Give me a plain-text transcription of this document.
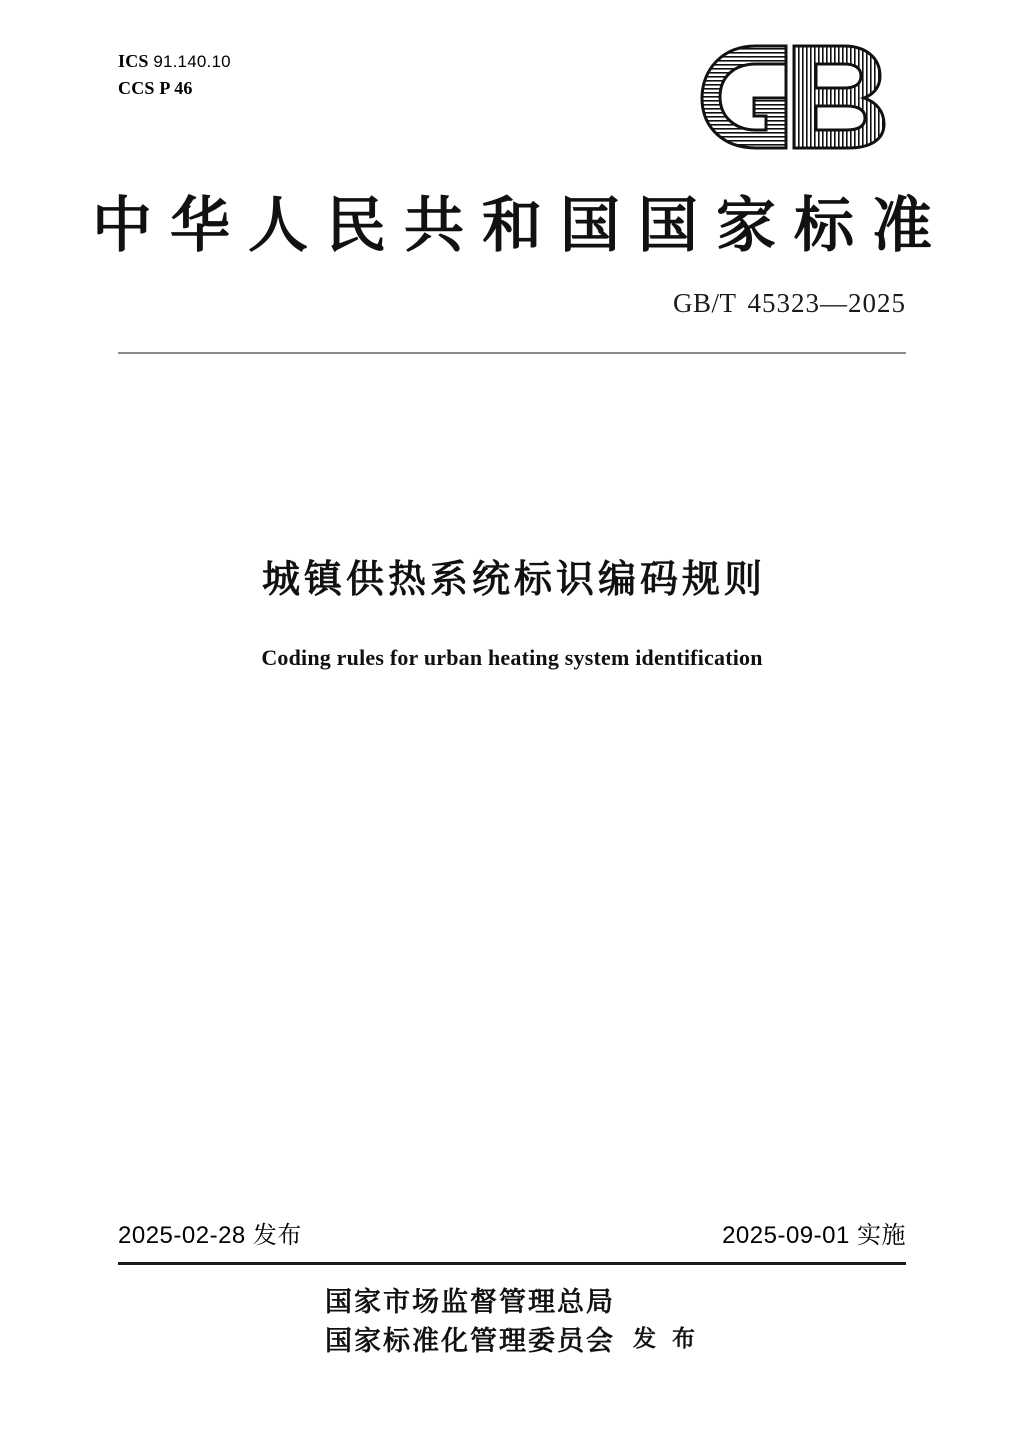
ICS 91.140.10
CCS P 46
中华人民共和国国家标准
GB/T 45323—2025
城镇供热系统标识编码规则
Coding rules for urban heating system identification
2025-02-28 发布	2025-09-01 实施
国家市场监督管理总局
国家标准化管理委员会 发 布
